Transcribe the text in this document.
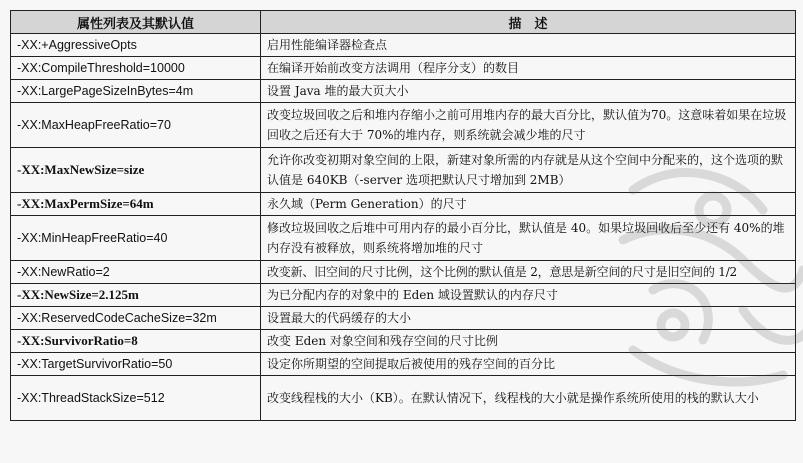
属性列表及其默认值	描　述
-XX:+AggressiveOpts	启用性能编译器检查点
-XX:CompileThreshold=10000	在编译开始前改变方法调用（程序分支）的数目
-XX:LargePageSizeInBytes=4m	设置 Java 堆的最大页大小
-XX:MaxHeapFreeRatio=70	改变垃圾回收之后和堆内存缩小之前可用堆内存的最大百分比，默认值为70。这意味着如果在垃圾回收之后还有大于 70%的堆内存，则系统就会减少堆的尺寸
-XX:MaxNewSize=size	允许你改变初期对象空间的上限，新建对象所需的内存就是从这个空间中分配来的，这个选项的默认值是 640KB（-server 选项把默认尺寸增加到 2MB）
-XX:MaxPermSize=64m	永久域（Perm Generation）的尺寸
-XX:MinHeapFreeRatio=40	修改垃圾回收之后堆中可用内存的最小百分比，默认值是 40。如果垃圾回收后至少还有 40%的堆内存没有被释放，则系统将增加堆的尺寸
-XX:NewRatio=2	改变新、旧空间的尺寸比例，这个比例的默认值是 2，意思是新空间的尺寸是旧空间的 1/2
-XX:NewSize=2.125m	为已分配内存的对象中的 Eden 域设置默认的内存尺寸
-XX:ReservedCodeCacheSize=32m	设置最大的代码缓存的大小
-XX:SurvivorRatio=8	改变 Eden 对象空间和残存空间的尺寸比例
-XX:TargetSurvivorRatio=50	设定你所期望的空间提取后被使用的残存空间的百分比
-XX:ThreadStackSize=512	改变线程栈的大小（KB）。在默认情况下，线程栈的大小就是操作系统所使用的栈的默认大小
